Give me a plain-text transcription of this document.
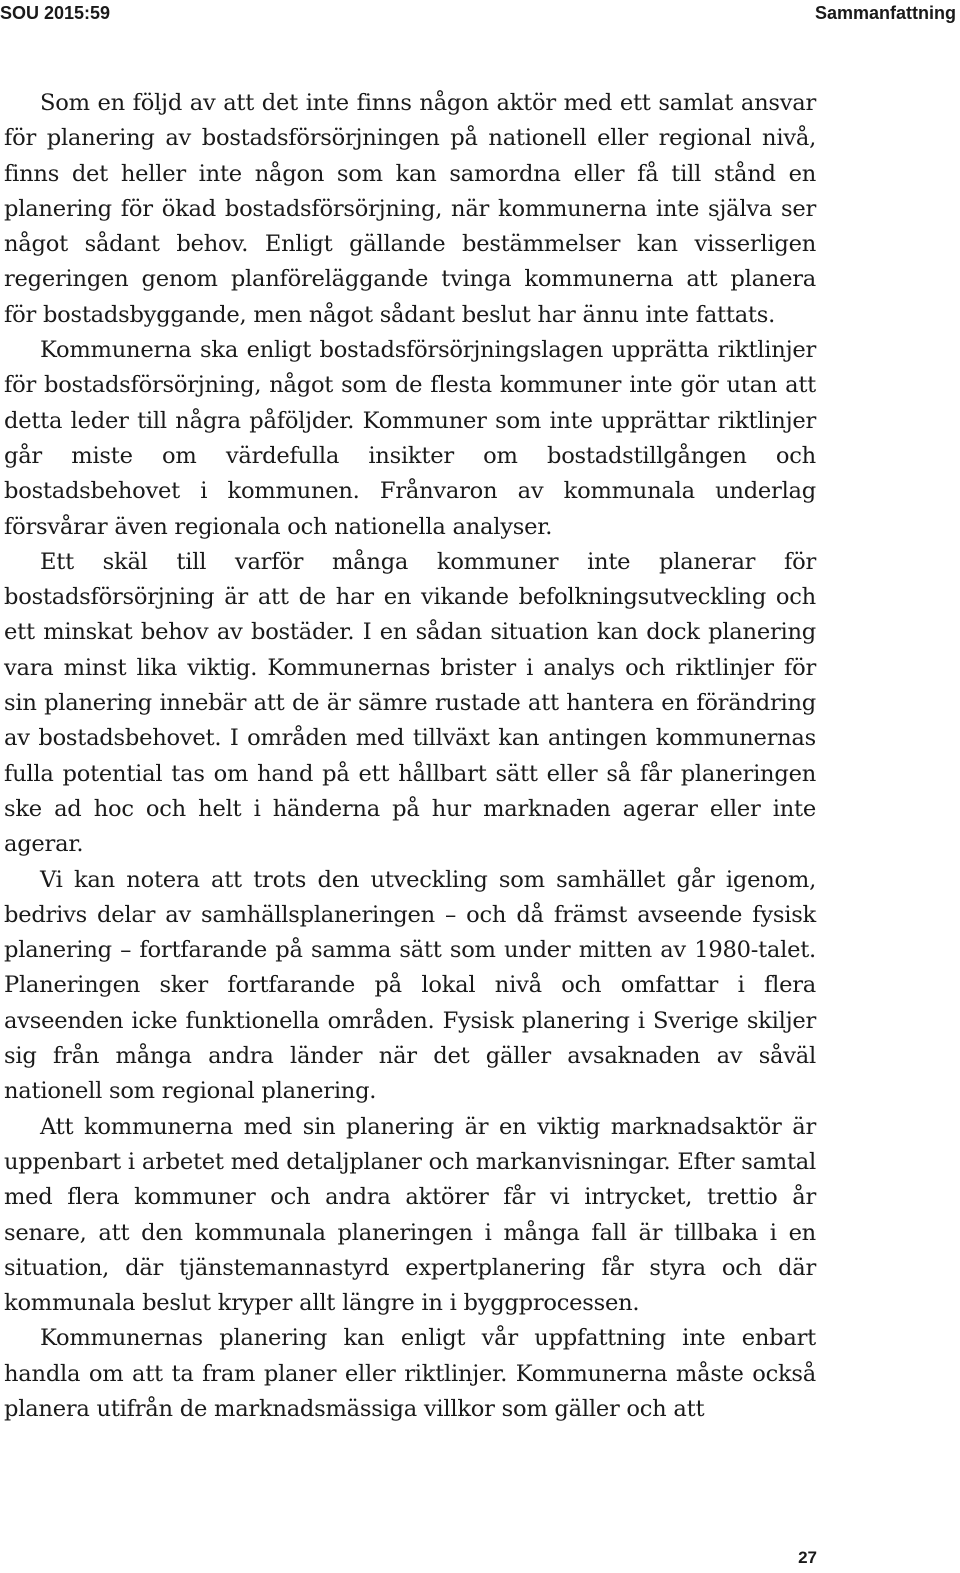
SOU 2015:59	Sammanfattning

Som en följd av att det inte finns någon aktör med ett samlat ansvar för planering av bostadsförsörjningen på nationell eller regional nivå, finns det heller inte någon som kan samordna eller få till stånd en planering för ökad bostadsförsörjning, när kommunerna inte själva ser något sådant behov. Enligt gällande bestämmelser kan visserligen regeringen genom planföreläggande tvinga kommunerna att planera för bostadsbyggande, men något sådant beslut har ännu inte fattats.

Kommunerna ska enligt bostadsförsörjningslagen upprätta riktlinjer för bostadsförsörjning, något som de flesta kommuner inte gör utan att detta leder till några påföljder. Kommuner som inte upprättar riktlinjer går miste om värdefulla insikter om bostadstillgången och bostadsbehovet i kommunen. Frånvaron av kommunala underlag försvårar även regionala och nationella analyser.

Ett skäl till varför många kommuner inte planerar för bostadsförsörjning är att de har en vikande befolkningsutveckling och ett minskat behov av bostäder. I en sådan situation kan dock planering vara minst lika viktig. Kommunernas brister i analys och riktlinjer för sin planering innebär att de är sämre rustade att hantera en förändring av bostadsbehovet. I områden med tillväxt kan antingen kommunernas fulla potential tas om hand på ett hållbart sätt eller så får planeringen ske ad hoc och helt i händerna på hur marknaden agerar eller inte agerar.

Vi kan notera att trots den utveckling som samhället går igenom, bedrivs delar av samhällsplaneringen – och då främst avseende fysisk planering – fortfarande på samma sätt som under mitten av 1980-talet. Planeringen sker fortfarande på lokal nivå och omfattar i flera avseenden icke funktionella områden. Fysisk planering i Sverige skiljer sig från många andra länder när det gäller avsaknaden av såväl nationell som regional planering.

Att kommunerna med sin planering är en viktig marknadsaktör är uppenbart i arbetet med detaljplaner och markanvisningar. Efter samtal med flera kommuner och andra aktörer får vi intrycket, trettio år senare, att den kommunala planeringen i många fall är tillbaka i en situation, där tjänstemannastyrd expertplanering får styra och där kommunala beslut kryper allt längre in i byggprocessen.

Kommunernas planering kan enligt vår uppfattning inte enbart handla om att ta fram planer eller riktlinjer. Kommunerna måste också planera utifrån de marknadsmässiga villkor som gäller och att

27
